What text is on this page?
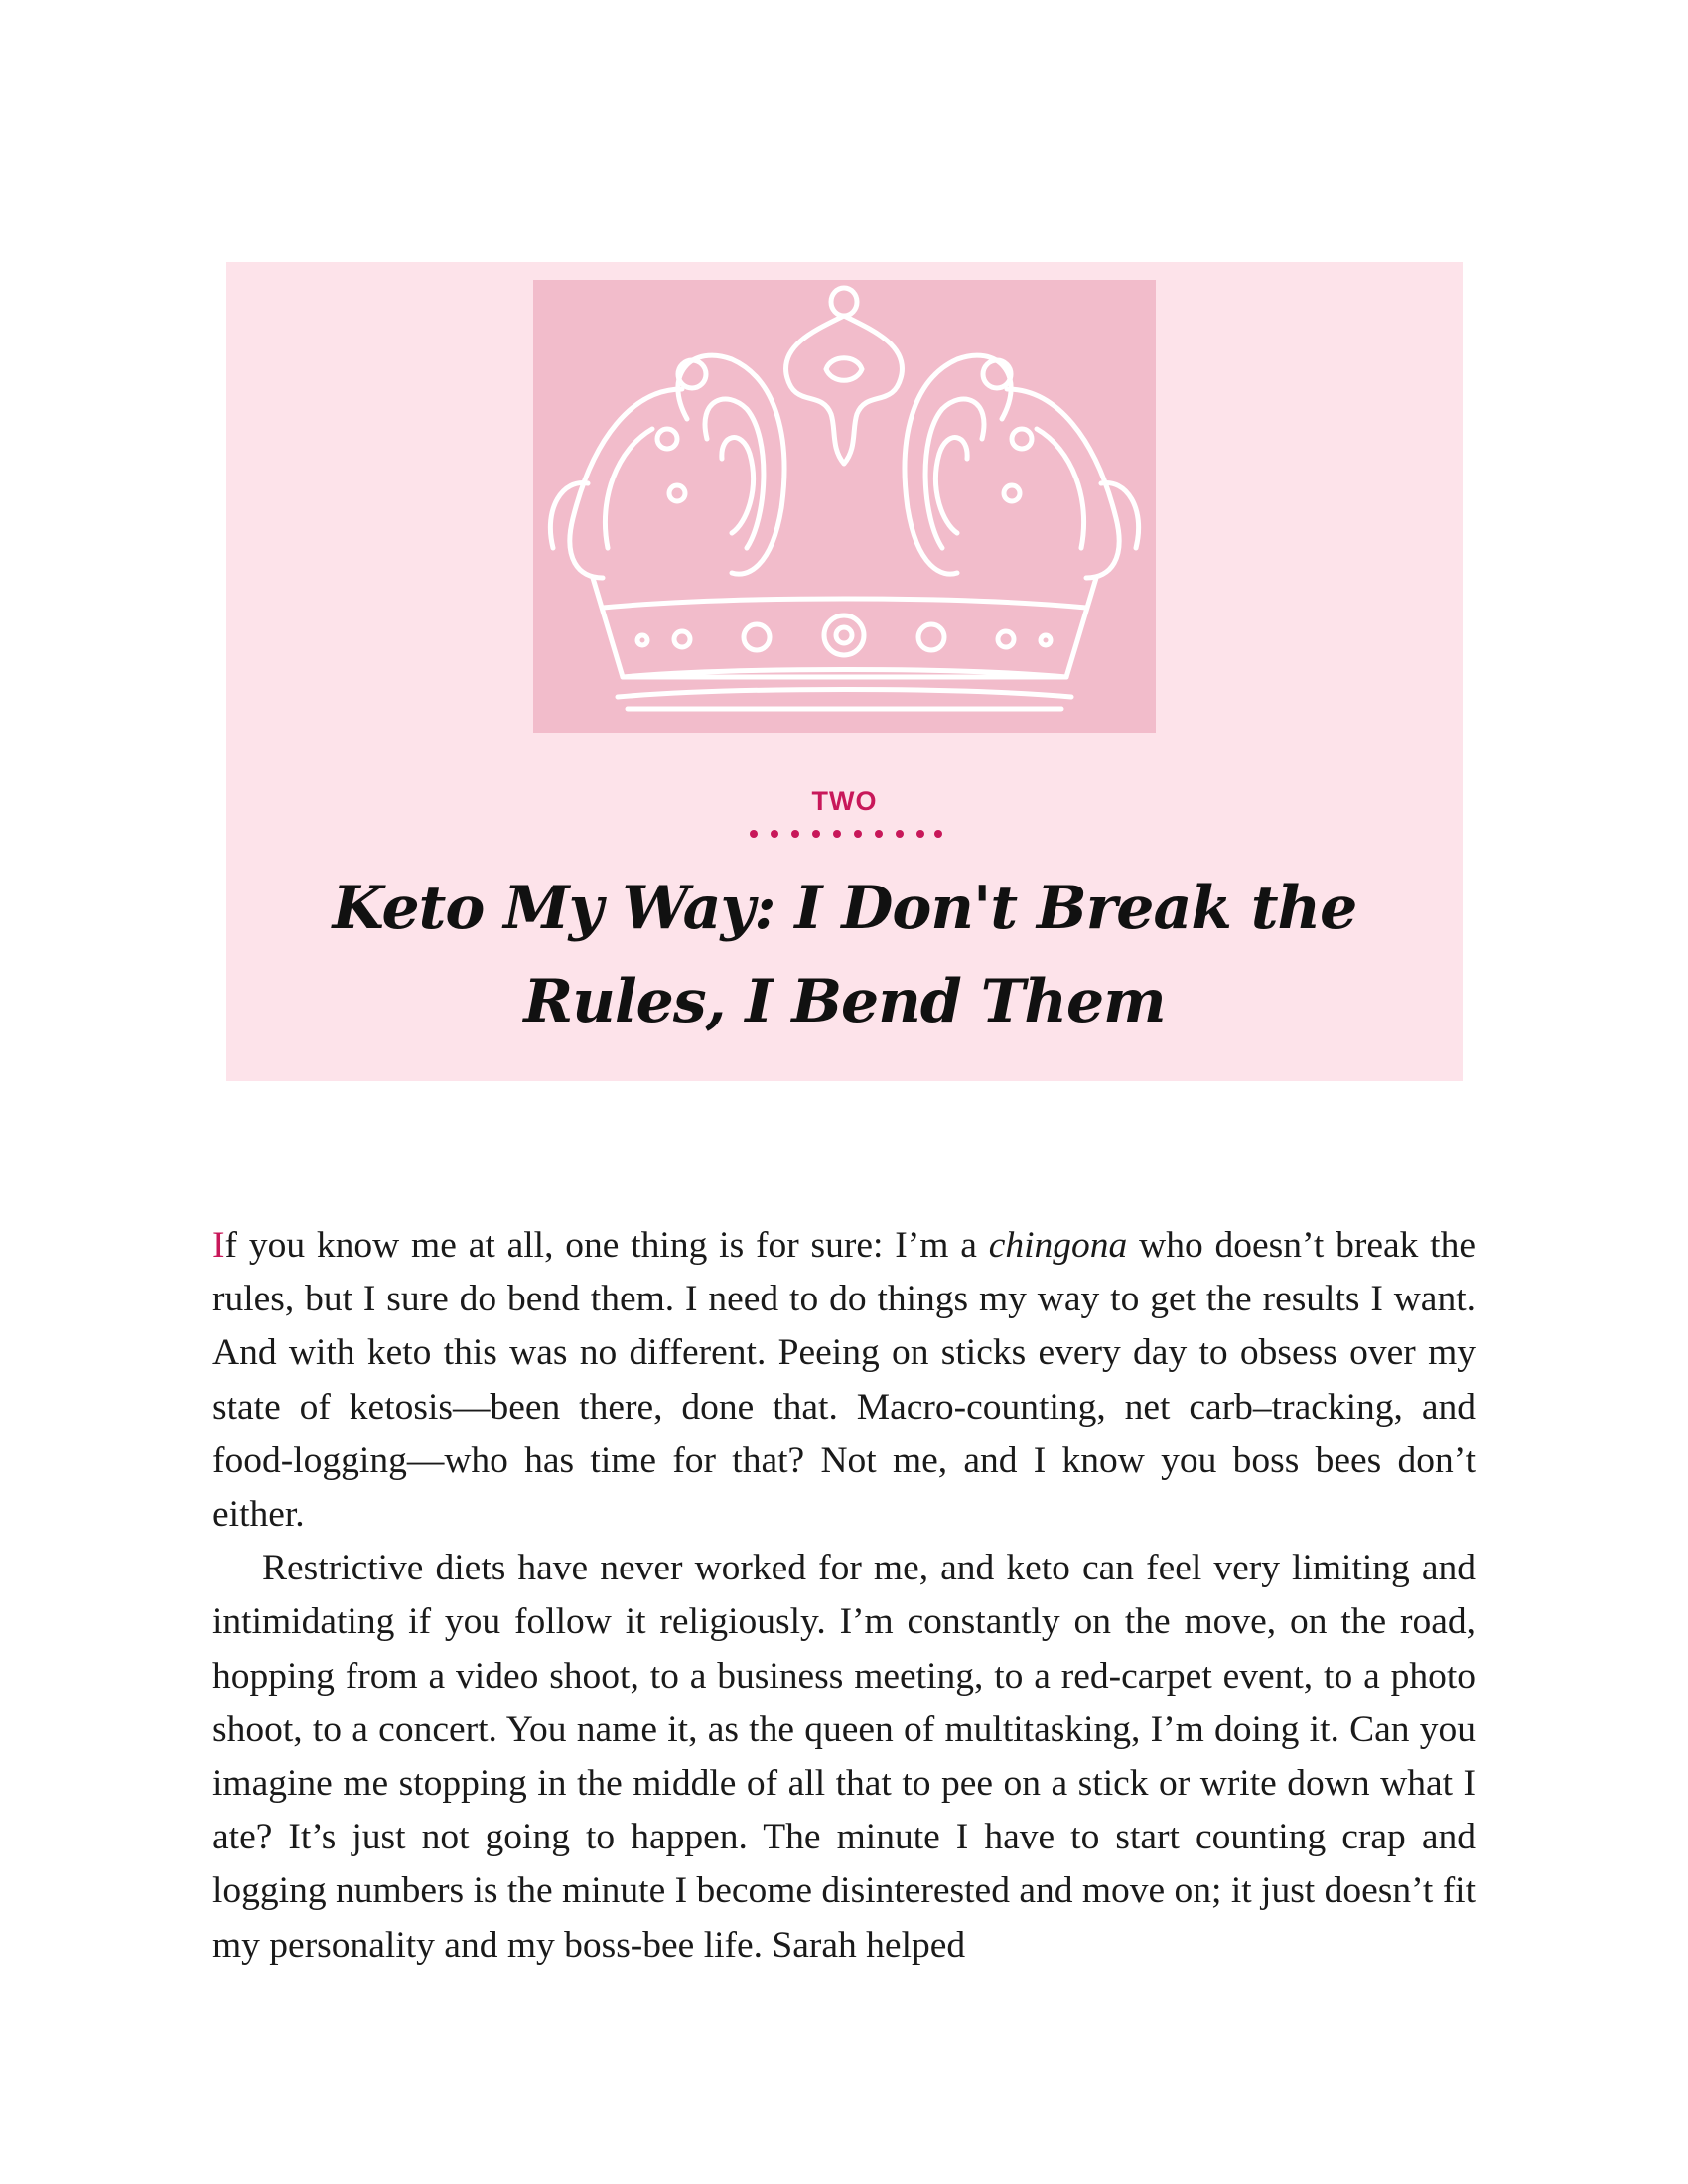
TWO
Keto My Way: I Don't Break the Rules, I Bend Them

If you know me at all, one thing is for sure: I’m a chingona who doesn’t break the rules, but I sure do bend them. I need to do things my way to get the results I want. And with keto this was no different. Peeing on sticks every day to obsess over my state of ketosis—been there, done that. Macro-counting, net carb–tracking, and food-logging—who has time for that? Not me, and I know you boss bees don’t either.

Restrictive diets have never worked for me, and keto can feel very limiting and intimidating if you follow it religiously. I’m constantly on the move, on the road, hopping from a video shoot, to a business meeting, to a red-carpet event, to a photo shoot, to a concert. You name it, as the queen of multitasking, I’m doing it. Can you imagine me stopping in the middle of all that to pee on a stick or write down what I ate? It’s just not going to happen. The minute I have to start counting crap and logging numbers is the minute I become disinterested and move on; it just doesn’t fit my personality and my boss-bee life. Sarah helped
